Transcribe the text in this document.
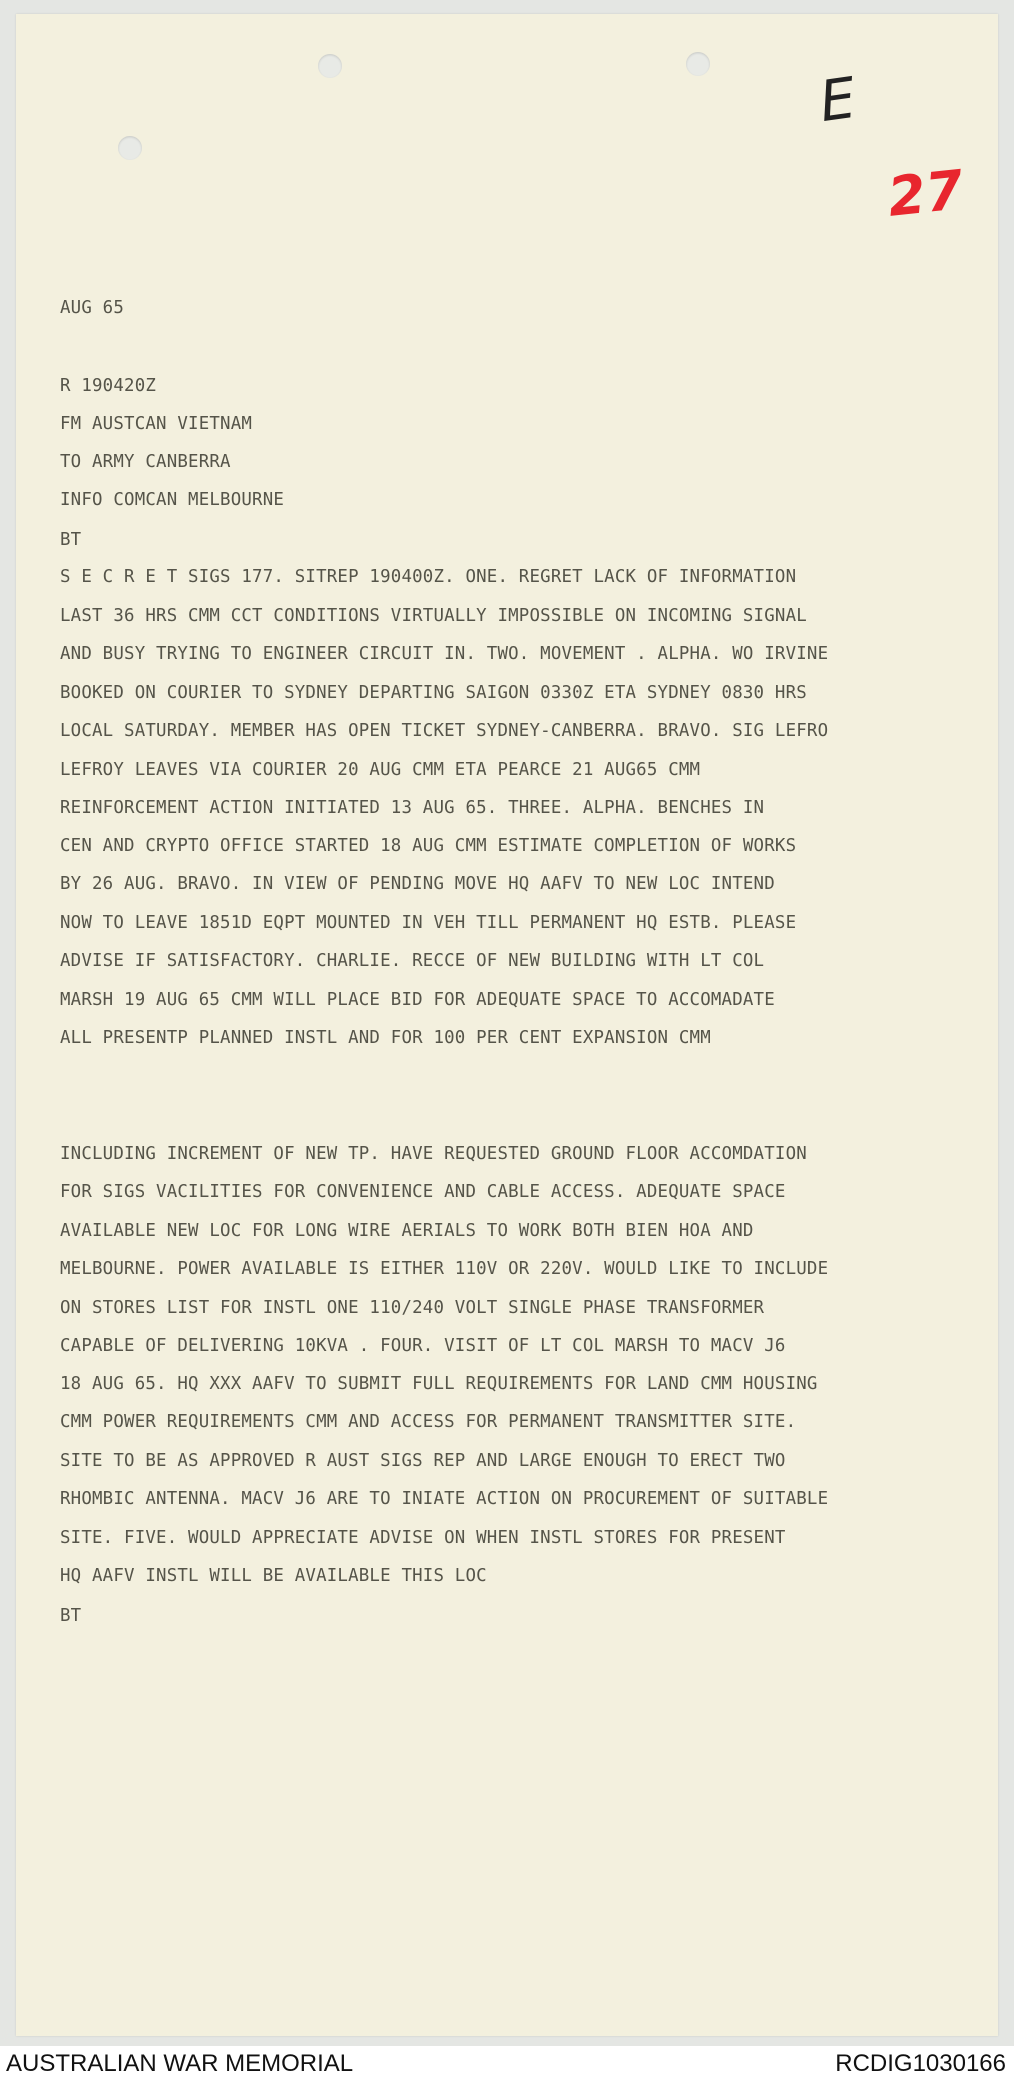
E
27
AUG 65
R 190420Z
FM AUSTCAN VIETNAM
TO ARMY CANBERRA
INFO COMCAN MELBOURNE
BT
S E C R E T SIGS 177. SITREP 190400Z. ONE. REGRET LACK OF INFORMATION
LAST 36 HRS CMM CCT CONDITIONS VIRTUALLY IMPOSSIBLE ON INCOMING SIGNAL
AND BUSY TRYING TO ENGINEER CIRCUIT IN. TWO. MOVEMENT . ALPHA. WO IRVINE
BOOKED ON COURIER TO SYDNEY DEPARTING SAIGON 0330Z ETA SYDNEY 0830 HRS
LOCAL SATURDAY. MEMBER HAS OPEN TICKET SYDNEY-CANBERRA. BRAVO. SIG LEFRO
LEFROY LEAVES VIA COURIER 20 AUG CMM ETA PEARCE 21 AUG65 CMM
REINFORCEMENT ACTION INITIATED 13 AUG 65. THREE. ALPHA. BENCHES IN
CEN AND CRYPTO OFFICE STARTED 18 AUG CMM ESTIMATE COMPLETION OF WORKS
BY 26 AUG. BRAVO. IN VIEW OF PENDING MOVE HQ AAFV TO NEW LOC INTEND
NOW TO LEAVE 1851D EQPT MOUNTED IN VEH TILL PERMANENT HQ ESTB. PLEASE
ADVISE IF SATISFACTORY. CHARLIE. RECCE OF NEW BUILDING WITH LT COL
MARSH 19 AUG 65 CMM WILL PLACE BID FOR ADEQUATE SPACE TO ACCOMADATE
ALL PRESENTP PLANNED INSTL AND FOR 100 PER CENT EXPANSION CMM
INCLUDING INCREMENT OF NEW TP. HAVE REQUESTED GROUND FLOOR ACCOMDATION
FOR SIGS VACILITIES FOR CONVENIENCE AND CABLE ACCESS. ADEQUATE SPACE
AVAILABLE NEW LOC FOR LONG WIRE AERIALS TO WORK BOTH BIEN HOA AND
MELBOURNE. POWER AVAILABLE IS EITHER 110V OR 220V. WOULD LIKE TO INCLUDE
ON STORES LIST FOR INSTL ONE 110/240 VOLT SINGLE PHASE TRANSFORMER
CAPABLE OF DELIVERING 10KVA . FOUR. VISIT OF LT COL MARSH TO MACV J6
18 AUG 65. HQ XXX AAFV TO SUBMIT FULL REQUIREMENTS FOR LAND CMM HOUSING
CMM POWER REQUIREMENTS CMM AND ACCESS FOR PERMANENT TRANSMITTER SITE.
SITE TO BE AS APPROVED R AUST SIGS REP AND LARGE ENOUGH TO ERECT TWO
RHOMBIC ANTENNA. MACV J6 ARE TO INIATE ACTION ON PROCUREMENT OF SUITABLE
SITE. FIVE. WOULD APPRECIATE ADVISE ON WHEN INSTL STORES FOR PRESENT
HQ AAFV INSTL WILL BE AVAILABLE THIS LOC
BT
AUSTRALIAN WAR MEMORIAL	RCDIG1030166
